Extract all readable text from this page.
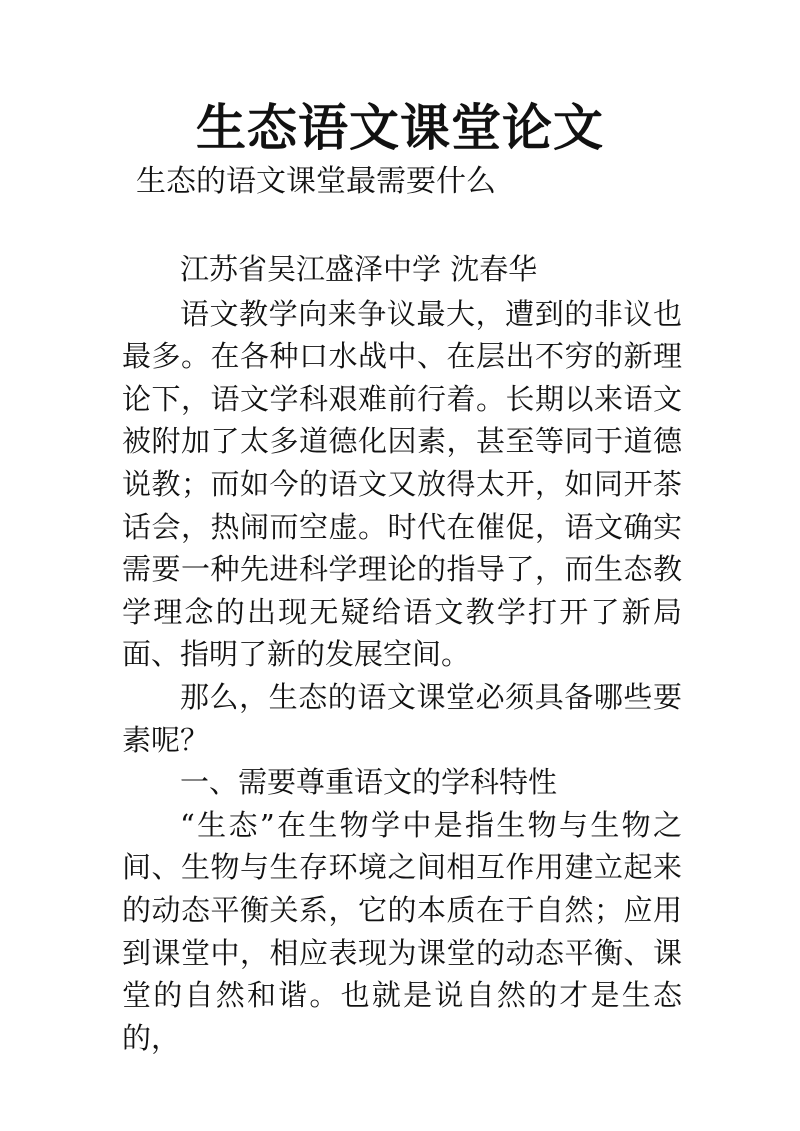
生态语文课堂论文

生态的语文课堂最需要什么

江苏省吴江盛泽中学 沈春华

语文教学向来争议最大，遭到的非议也最多。在各种口水战中、在层出不穷的新理论下，语文学科艰难前行着。长期以来语文被附加了太多道德化因素，甚至等同于道德说教；而如今的语文又放得太开，如同开茶话会，热闹而空虚。时代在催促，语文确实需要一种先进科学理论的指导了，而生态教学理念的出现无疑给语文教学打开了新局面、指明了新的发展空间。

那么，生态的语文课堂必须具备哪些要素呢？

一、需要尊重语文的学科特性

“生态”在生物学中是指生物与生物之间、生物与生存环境之间相互作用建立起来的动态平衡关系，它的本质在于自然；应用到课堂中，相应表现为课堂的动态平衡、课堂的自然和谐。也就是说自然的才是生态的，
